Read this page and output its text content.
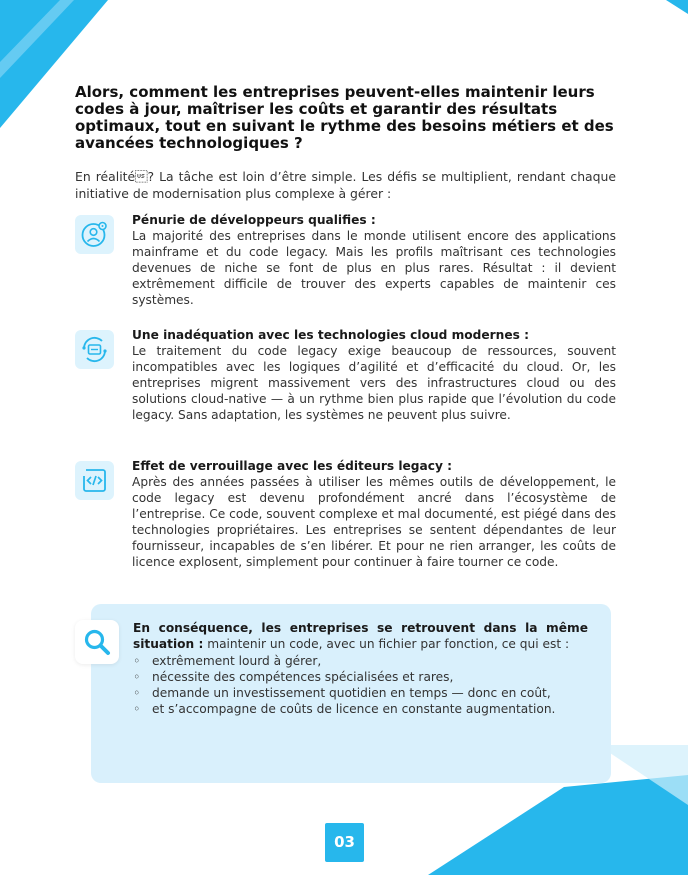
Alors, comment les entreprises peuvent-elles maintenir leurs codes à jour, maîtriser les coûts et garantir des résultats optimaux, tout en suivant le rythme des besoins métiers et des avancées technologiques ?

En réalité? La tâche est loin d’être simple. Les défis se multiplient, rendant chaque initiative de modernisation plus complexe à gérer :

Pénurie de développeurs qualifies :

La majorité des entreprises dans le monde utilisent encore des applications mainframe et du code legacy. Mais les profils maîtrisant ces technologies devenues de niche se font de plus en plus rares. Résultat : il devient extrêmement difficile de trouver des experts capables de maintenir ces systèmes.

Une inadéquation avec les technologies cloud modernes :

Le traitement du code legacy exige beaucoup de ressources, souvent incompatibles avec les logiques d’agilité et d’efficacité du cloud. Or, les entreprises migrent massivement vers des infrastructures cloud ou des solutions cloud-native — à un rythme bien plus rapide que l’évolution du code legacy. Sans adaptation, les systèmes ne peuvent plus suivre.

Effet de verrouillage avec les éditeurs legacy :

Après des années passées à utiliser les mêmes outils de développement, le code legacy est devenu profondément ancré dans l’écosystème de l’entreprise. Ce code, souvent complexe et mal documenté, est piégé dans des technologies propriétaires. Les entreprises se sentent dépendantes de leur fournisseur, incapables de s’en libérer. Et pour ne rien arranger, les coûts de licence explosent, simplement pour continuer à faire tourner ce code.

En conséquence, les entreprises se retrouvent dans la même situation : maintenir un code, avec un fichier par fonction, ce qui est :

◦ extrêmement lourd à gérer,
◦ nécessite des compétences spécialisées et rares,
◦ demande un investissement quotidien en temps — donc en coût,
◦ et s’accompagne de coûts de licence en constante augmentation.
03
